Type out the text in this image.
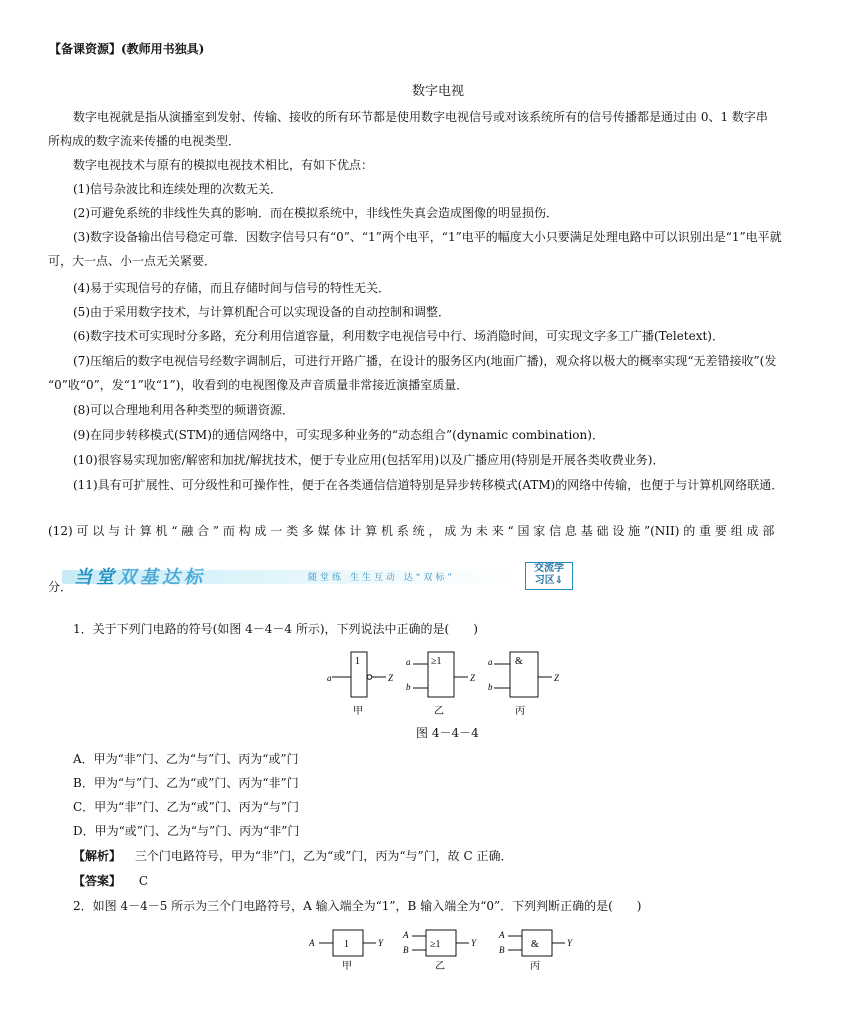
【备课资源】(教师用书独具)
数字电视
数字电视就是指从演播室到发射、传输、接收的所有环节都是使用数字电视信号或对该系统所有的信号传播都是通过由 0、1 数字串
所构成的数字流来传播的电视类型．
数字电视技术与原有的模拟电视技术相比，有如下优点：
(1)信号杂波比和连续处理的次数无关．
(2)可避免系统的非线性失真的影响．而在模拟系统中，非线性失真会造成图像的明显损伤．
(3)数字设备输出信号稳定可靠．因数字信号只有“0”、“1”两个电平，“1”电平的幅度大小只要满足处理电路中可以识别出是“1”电平就
可，大一点、小一点无关紧要．
(4)易于实现信号的存储，而且存储时间与信号的特性无关．
(5)由于采用数字技术，与计算机配合可以实现设备的自动控制和调整．
(6)数字技术可实现时分多路，充分利用信道容量，利用数字电视信号中行、场消隐时间，可实现文字多工广播(Teletext)．
(7)压缩后的数字电视信号经数字调制后，可进行开路广播，在设计的服务区内(地面广播)，观众将以极大的概率实现“无差错接收”(发
“0”收“0”，发“1”收“1”)，收看到的电视图像及声音质量非常接近演播室质量．
(8)可以合理地利用各种类型的频谱资源．
(9)在同步转移模式(STM)的通信网络中，可实现多种业务的“动态组合”(dynamic combination)．
(10)很容易实现加密/解密和加扰/解扰技术，便于专业应用(包括军用)以及广播应用(特别是开展各类收费业务)．
(11)具有可扩展性、可分级性和可操作性，便于在各类通信信道特别是异步转移模式(ATM)的网络中传输，也便于与计算机网络联通．
(12) 可 以 与 计 算 机 “ 融 合 ” 而 构 成 一 类 多 媒 体 计 算 机 系 统 ， 成 为 未 来 “ 国 家 信 息 基 础 设 施 ”(NII) 的 重 要 组 成 部
当堂双基达标	随堂练 生生互动 达“双标”
交流学
习区⇓
分．
1．关于下列门电路的符号(如图 4－4－4 所示)，下列说法中正确的是(　　)
1
a	Z
甲
≥1
a
b
Z
乙
&
a
b
Z
丙
图 4－4－4
A．甲为“非”门、乙为“与”门、丙为“或”门
B．甲为“与”门、乙为“或”门、丙为“非”门
C．甲为“非”门、乙为“或”门、丙为“与”门
D．甲为“或”门、乙为“与”门、丙为“非”门
【解析】 三个门电路符号，甲为“非”门，乙为“或”门，丙为“与”门，故 C 正确．
【答案】 C
2．如图 4－4－5 所示为三个门电路符号，A 输入端全为“1”，B 输入端全为“0”．下列判断正确的是(　　)
1
A	Y
甲
≥1
A
B
Y
乙
&
A
B
Y
丙
